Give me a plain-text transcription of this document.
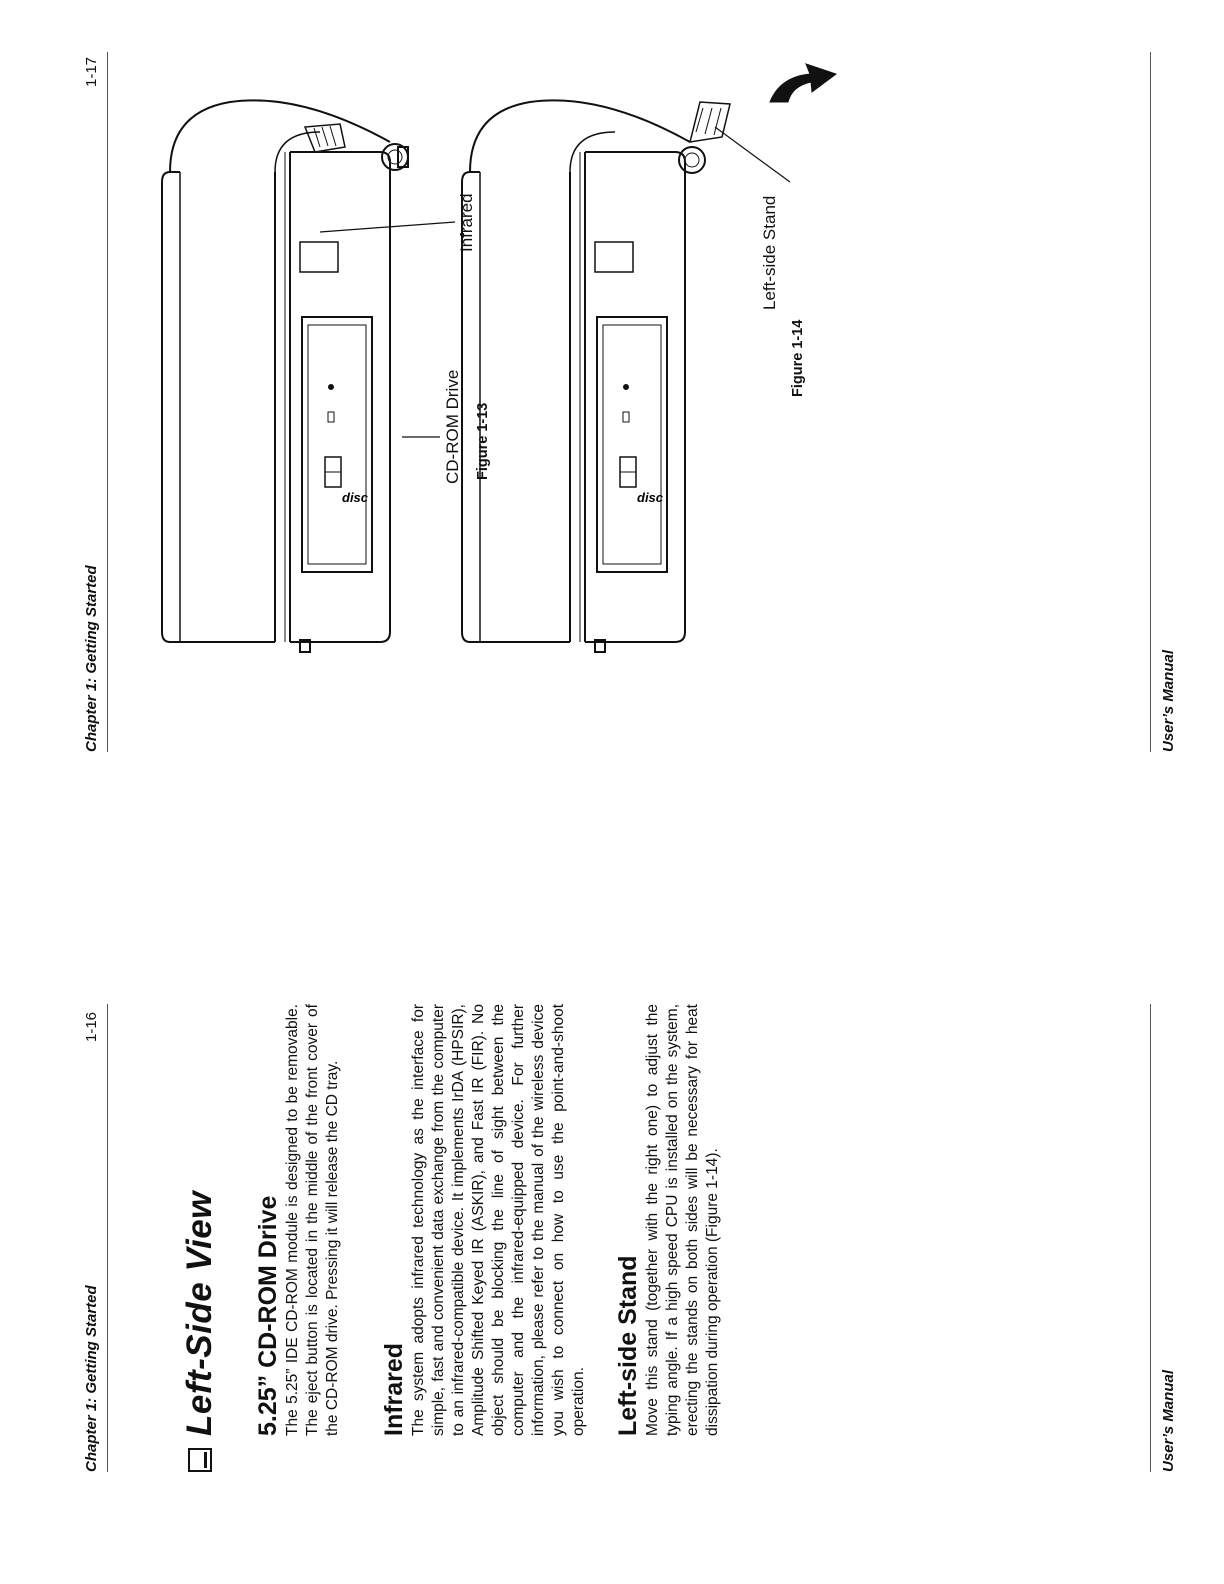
Chapter 1: Getting Started
1-16
Left-Side View 5.25” CD-ROM Drive The 5.25” IDE CD-ROM module is designed to be removable. The eject button is located in the middle of the front cover of the CD-ROM drive. Pressing it will release the CD tray. Infrared The system adopts infrared technology as the interface for simple, fast and convenient data exchange from the computer to an infrared-compatible device. It implements IrDA (HPSIR), Amplitude Shifted Keyed IR (ASKIR), and Fast IR (FIR). No object should be blocking the line of sight between the computer and the infrared-equipped device. For further information, please refer to the manual of the wireless device you wish to connect on how to use the point-and-shoot operation. Left-side Stand Move this stand (together with the right one) to adjust the typing angle. If a high speed CPU is installed on the system, erecting the stands on both sides will be necessary for heat dissipation during operation (Figure 1-14).	User’s Manual
Chapter 1: Getting Started
1-17
disc	disc
Infrared
CD-ROM Drive Figure 1-13
Left-side Stand
Figure 1-14
User’s Manual
